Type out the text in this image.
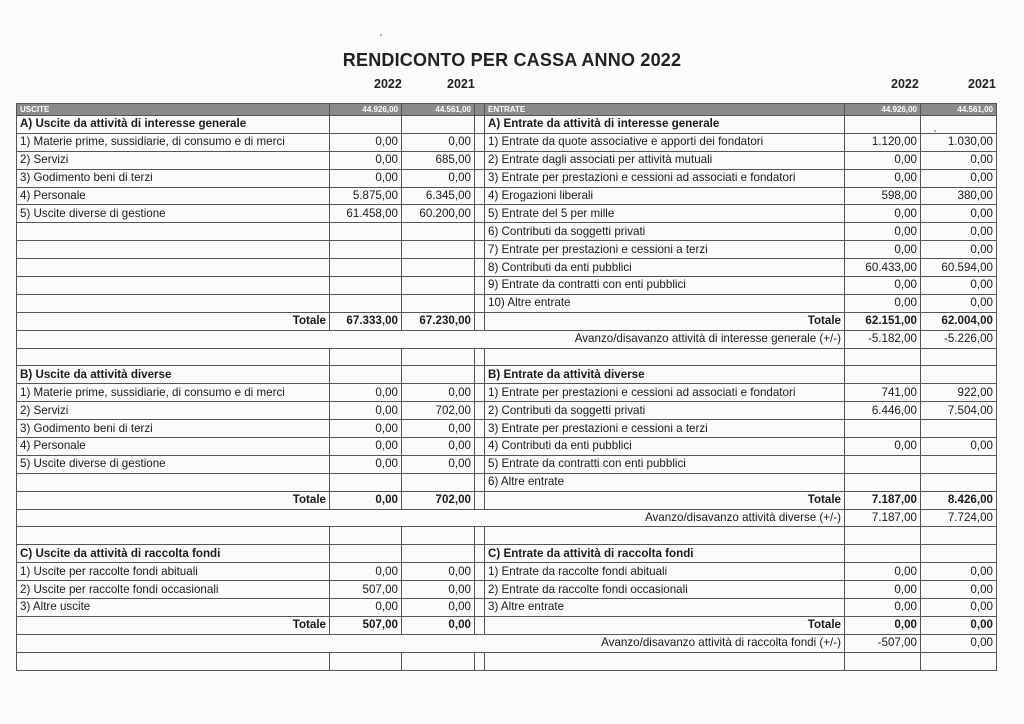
RENDICONTO PER CASSA ANNO 2022
2022	2021	2022	2021
USCITE	44.926,00	44.561,00		ENTRATE	44.926,00	44.561,00
A) Uscite da attività di interesse generale				A) Entrate da attività di interesse generale		
1) Materie prime, sussidiarie, di consumo e di merci	0,00	0,00		1) Entrate da quote associative e apporti dei fondatori	1.120,00	1.030,00
2) Servizi	0,00	685,00		2) Entrate dagli associati per attività mutuali	0,00	0,00
3) Godimento beni di terzi	0,00	0,00		3) Entrate per prestazioni e cessioni ad associati e fondatori	0,00	0,00
4) Personale	5.875,00	6.345,00		4) Erogazioni liberali	598,00	380,00
5) Uscite diverse di gestione	61.458,00	60.200,00		5) Entrate del 5 per mille	0,00	0,00
				6) Contributi da soggetti privati	0,00	0,00
				7) Entrate per prestazioni e cessioni a terzi	0,00	0,00
				8) Contributi da enti pubblici	60.433,00	60.594,00
				9) Entrate da contratti con enti pubblici	0,00	0,00
				10) Altre entrate	0,00	0,00
Totale	67.333,00	67.230,00		Totale	62.151,00	62.004,00
Avanzo/disavanzo attività di interesse generale (+/-)					-5.182,00	-5.226,00

B) Uscite da attività diverse				B) Entrate da attività diverse		
1) Materie prime, sussidiarie, di consumo e di merci	0,00	0,00		1) Entrate per prestazioni e cessioni ad associati e fondatori	741,00	922,00
2) Servizi	0,00	702,00		2) Contributi da soggetti privati	6.446,00	7.504,00
3) Godimento beni di terzi	0,00	0,00		3) Entrate per prestazioni e cessioni a terzi		
4) Personale	0,00	0,00		4) Contributi da enti pubblici	0,00	0,00
5) Uscite diverse di gestione	0,00	0,00		5) Entrate da contratti con enti pubblici		
				6) Altre entrate		
Totale	0,00	702,00		Totale	7.187,00	8.426,00
Avanzo/disavanzo attività diverse (+/-)					7.187,00	7.724,00

C) Uscite da attività di raccolta fondi				C) Entrate da attività di raccolta fondi		
1) Uscite per raccolte fondi abituali	0,00	0,00		1) Entrate da raccolte fondi abituali	0,00	0,00
2) Uscite per raccolte fondi occasionali	507,00	0,00		2) Entrate da raccolte fondi occasionali	0,00	0,00
3) Altre uscite	0,00	0,00		3) Altre entrate	0,00	0,00
Totale	507,00	0,00		Totale	0,00	0,00
Avanzo/disavanzo attività di raccolta fondi (+/-)					-507,00	0,00
